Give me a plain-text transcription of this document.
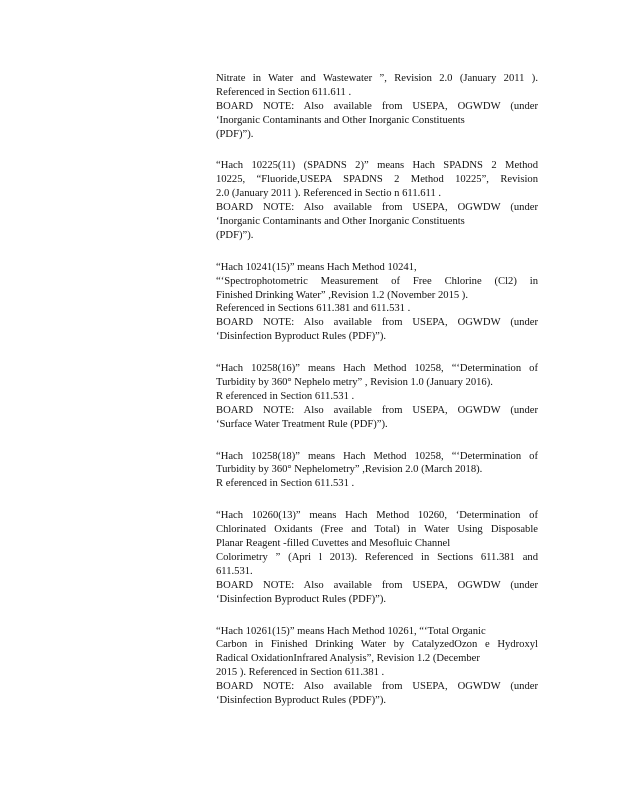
Nitrate in Water and Wastewater ”, Revision 2.0 (January 2011 ).
Referenced in Section 611.611 .
BOARD NOTE: Also available from USEPA, OGWDW (under
‘Inorganic Contaminants and Other Inorganic Constituents
(PDF)”).
“Hach 10225(11) (SPADNS 2)” means Hach SPADNS 2 Method
10225, “Fluoride,USEPA SPADNS 2 Method 10225”, Revision
2.0 (January 2011 ). Referenced in Sectio n 611.611 .
BOARD NOTE: Also available from USEPA, OGWDW (under
‘Inorganic Contaminants and Other Inorganic Constituents
(PDF)”).
“Hach 10241(15)” means Hach Method 10241,
“‘Spectrophotometric Measurement of Free Chlorine (Cl2) in
Finished Drinking Water” ,Revision 1.2 (November 2015 ).
Referenced in Sections 611.381 and 611.531 .
BOARD NOTE: Also available from USEPA, OGWDW (under
‘Disinfection Byproduct Rules (PDF)”).
“Hach 10258(16)” means Hach Method 10258, “‘Determination of
Turbidity by 360° Nephelo metry” , Revision 1.0 (January 2016).
R eferenced in Section 611.531 .
BOARD NOTE: Also available from USEPA, OGWDW (under
‘Surface Water Treatment Rule (PDF)”).
“Hach 10258(18)” means Hach Method 10258, “‘Determination of
Turbidity by 360° Nephelometry” ,Revision 2.0 (March 2018).
R eferenced in Section 611.531 .
“Hach 10260(13)” means Hach Method 10260, ‘Determination of
Chlorinated Oxidants (Free and Total) in Water Using Disposable
Planar Reagent -filled Cuvettes and Mesofluic Channel
Colorimetry ” (Apri l 2013). Referenced in Sections 611.381 and
611.531.
BOARD NOTE: Also available from USEPA, OGWDW (under
‘Disinfection Byproduct Rules (PDF)”).
“Hach 10261(15)” means Hach Method 10261, “‘Total Organic
Carbon in Finished Drinking Water by CatalyzedOzon e Hydroxyl
Radical OxidationInfrared Analysis”, Revision 1.2 (December
2015 ). Referenced in Section 611.381 .
BOARD NOTE: Also available from USEPA, OGWDW (under
‘Disinfection Byproduct Rules (PDF)”).
